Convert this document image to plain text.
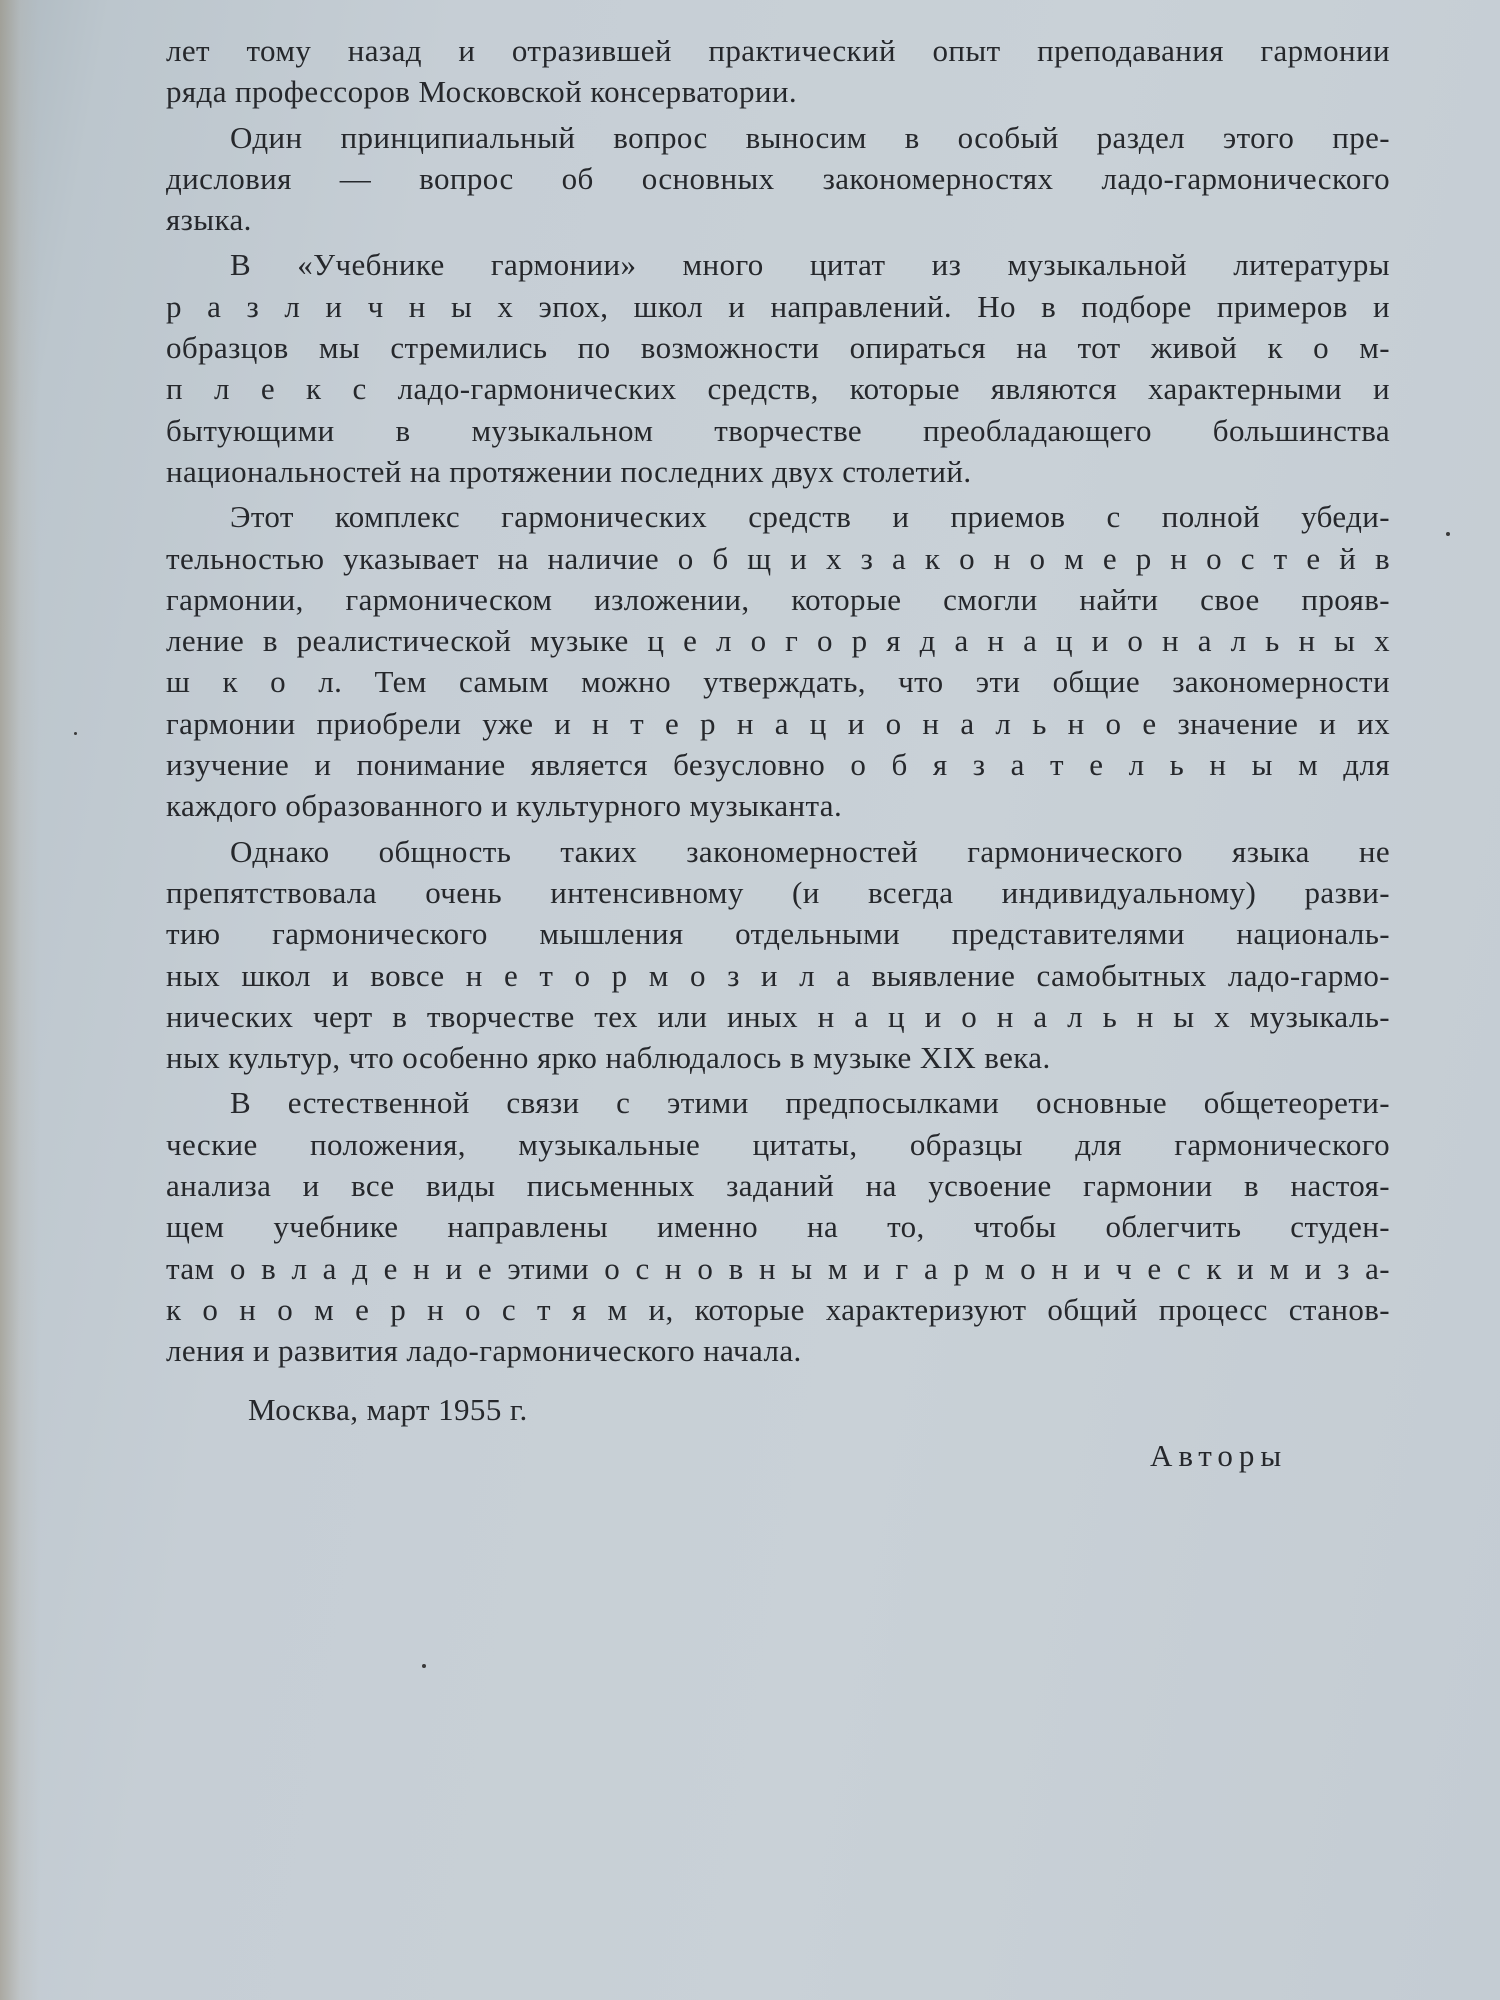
лет тому назад и отразившей практический опыт преподавания гармонии
ряда профессоров Московской консерватории.
Один принципиальный вопрос выносим в особый раздел этого пре-
дисловия — вопрос об основных закономерностях ладо-гармонического
языка.
В «Учебнике гармонии» много цитат из музыкальной литературы
р а з л и ч н ы х эпох, школ и направлений. Но в подборе примеров и
образцов мы стремились по возможности опираться на тот живой к о м-
п л е к с ладо-гармонических средств, которые являются характерными и
бытующими в музыкальном творчестве преобладающего большинства
национальностей на протяжении последних двух столетий.
Этот комплекс гармонических средств и приемов с полной убеди-
тельностью указывает на наличие о б щ и х з а к о н о м е р н о с т е й в
гармонии, гармоническом изложении, которые смогли найти свое прояв-
ление в реалистической музыке ц е л о г о р я д а н а ц и о н а л ь н ы х
ш к о л. Тем самым можно утверждать, что эти общие закономерности
гармонии приобрели уже и н т е р н а ц и о н а л ь н о е значение и их
изучение и понимание является безусловно о б я з а т е л ь н ы м для
каждого образованного и культурного музыканта.
Однако общность таких закономерностей гармонического языка не
препятствовала очень интенсивному (и всегда индивидуальному) разви-
тию гармонического мышления отдельными представителями националь-
ных школ и вовсе н е т о р м о з и л а выявление самобытных ладо-гармо-
нических черт в творчестве тех или иных н а ц и о н а л ь н ы х музыкаль-
ных культур, что особенно ярко наблюдалось в музыке XIX века.
В естественной связи с этими предпосылками основные общетеорети-
ческие положения, музыкальные цитаты, образцы для гармонического
анализа и все виды письменных заданий на усвоение гармонии в настоя-
щем учебнике направлены именно на то, чтобы облегчить студен-
там о в л а д е н и е этими о с н о в н ы м и г а р м о н и ч е с к и м и з а-
к о н о м е р н о с т я м и, которые характеризуют общий процесс станов-
ления и развития ладо-гармонического начала.
Москва, март 1955 г.
Авторы
